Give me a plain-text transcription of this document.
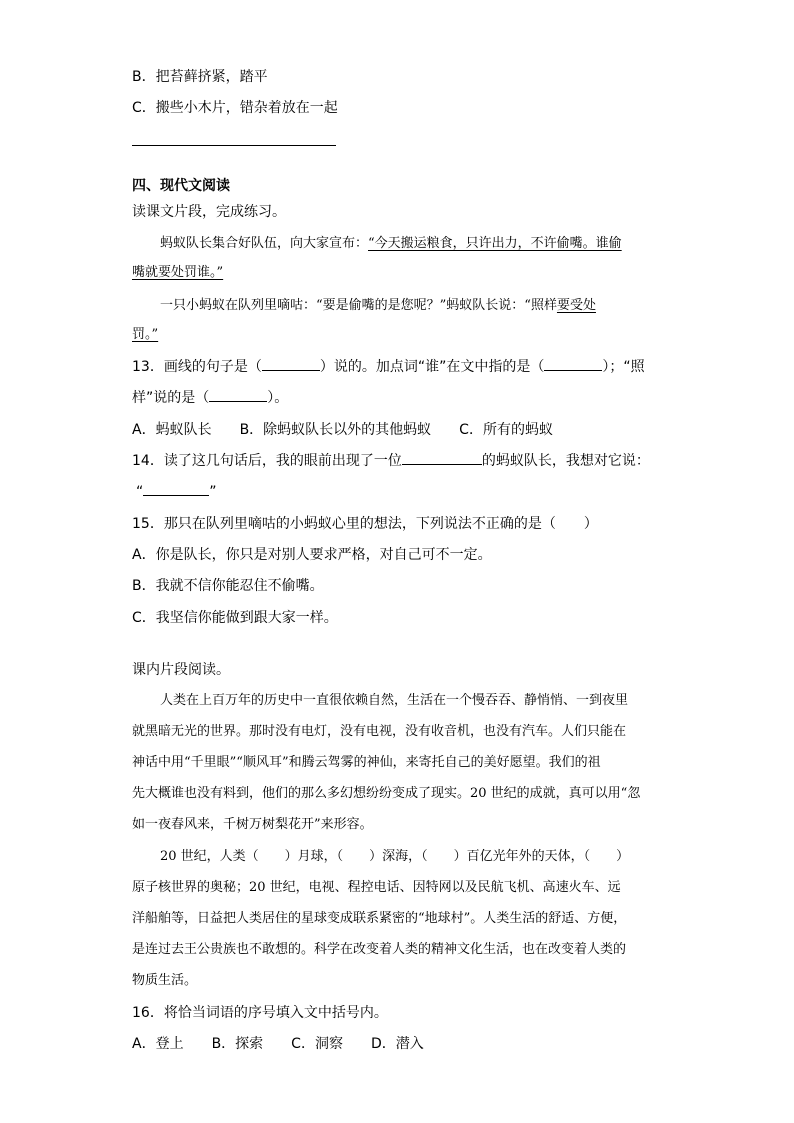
B．把苔藓挤紧，踏平
C．搬些小木片，错杂着放在一起
四、现代文阅读
读课文片段，完成练习。
蚂蚁队长集合好队伍，向大家宣布：“今天搬运粮食，只许出力，不许偷嘴。谁偷
嘴就要处罚谁。”
一只小蚂蚁在队列里嘀咕：“要是偷嘴的是您呢？”蚂蚁队长说：“照样要受处
罚。”
13．画线的句子是（	）说的。加点词“谁”在文中指的是（	）；“照
样”说的是（	）。
A．蚂蚁队长　　B．除蚂蚁队长以外的其他蚂蚁　　C．所有的蚂蚁
14．读了这几句话后，我的眼前出现了一位	的蚂蚁队长，我想对它说：
“	”
15．那只在队列里嘀咕的小蚂蚁心里的想法，下列说法不正确的是（　　）
A．你是队长，你只是对别人要求严格，对自己可不一定。
B．我就不信你能忍住不偷嘴。
C．我坚信你能做到跟大家一样。
课内片段阅读。
人类在上百万年的历史中一直很依赖自然，生活在一个慢吞吞、静悄悄、一到夜里
就黑暗无光的世界。那时没有电灯，没有电视，没有收音机，也没有汽车。人们只能在
神话中用“千里眼”“顺风耳”和腾云驾雾的神仙，来寄托自己的美好愿望。我们的祖
先大概谁也没有料到，他们的那么多幻想纷纷变成了现实。20 世纪的成就，真可以用“忽
如一夜春风来，千树万树梨花开”来形容。
20 世纪，人类（　　）月球，（　　）深海，（　　）百亿光年外的天体，（　　）
原子核世界的奥秘；20 世纪，电视、程控电话、因特网以及民航飞机、高速火车、远
洋船舶等，日益把人类居住的星球变成联系紧密的“地球村”。人类生活的舒适、方便，
是连过去王公贵族也不敢想的。科学在改变着人类的精神文化生活，也在改变着人类的
物质生活。
16．将恰当词语的序号填入文中括号内。
A．登上　　B．探索　　C．洞察　　D．潜入
